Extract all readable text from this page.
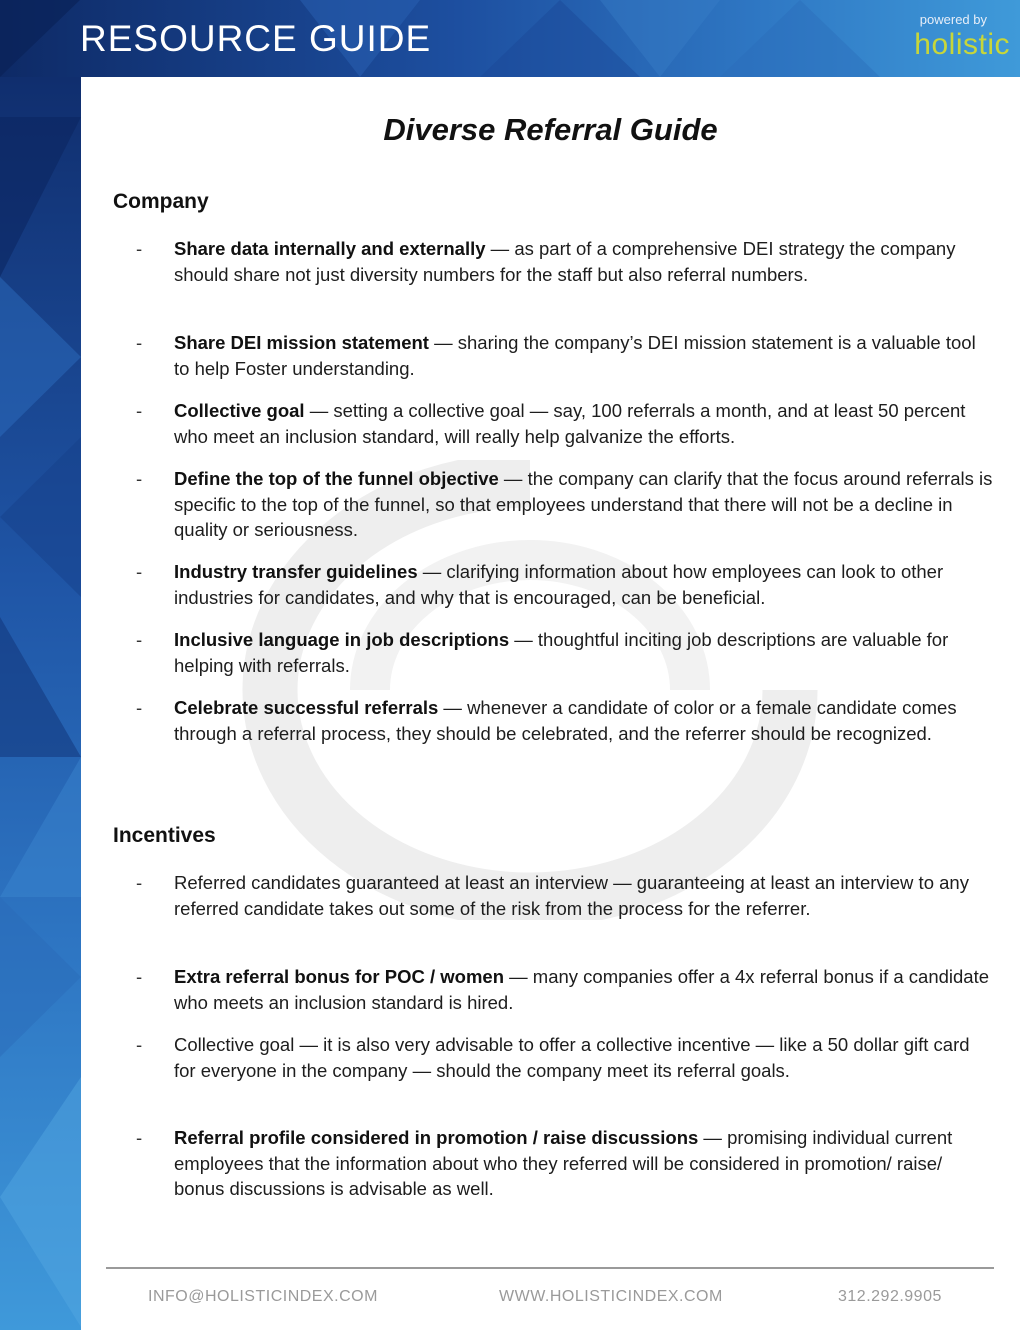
RESOURCE GUIDE	powered by
holistic
Diverse Referral Guide
Company
- Share data internally and externally — as part of a comprehensive DEI strategy the company should share not just diversity numbers for the staff but also referral numbers.
- Share DEI mission statement — sharing the company’s DEI mission statement is a valuable tool to help Foster understanding.
- Collective goal — setting a collective goal — say, 100 referrals a month, and at least 50 percent who meet an inclusion standard, will really help galvanize the efforts.
- Define the top of the funnel objective — the company can clarify that the focus around referrals is specific to the top of the funnel, so that employees understand that there will not be a decline in quality or seriousness.
- Industry transfer guidelines — clarifying information about how employees can look to other industries for candidates, and why that is encouraged, can be beneficial.
- Inclusive language in job descriptions — thoughtful inciting job descriptions are valuable for helping with referrals.
- Celebrate successful referrals — whenever a candidate of color or a female candidate comes through a referral process, they should be celebrated, and the referrer should be recognized.
Incentives
- Referred candidates guaranteed at least an interview — guaranteeing at least an interview to any referred candidate takes out some of the risk from the process for the referrer.
- Extra referral bonus for POC / women — many companies offer a 4x referral bonus if a candidate who meets an inclusion standard is hired.
- Collective goal — it is also very advisable to offer a collective incentive — like a 50 dollar gift card for everyone in the company — should the company meet its referral goals.
- Referral profile considered in promotion / raise discussions — promising individual current employees that the information about who they referred will be considered in promotion/ raise/ bonus discussions is advisable as well.
INFO@HOLISTICINDEX.COM	WWW.HOLISTICINDEX.COM	312.292.9905
